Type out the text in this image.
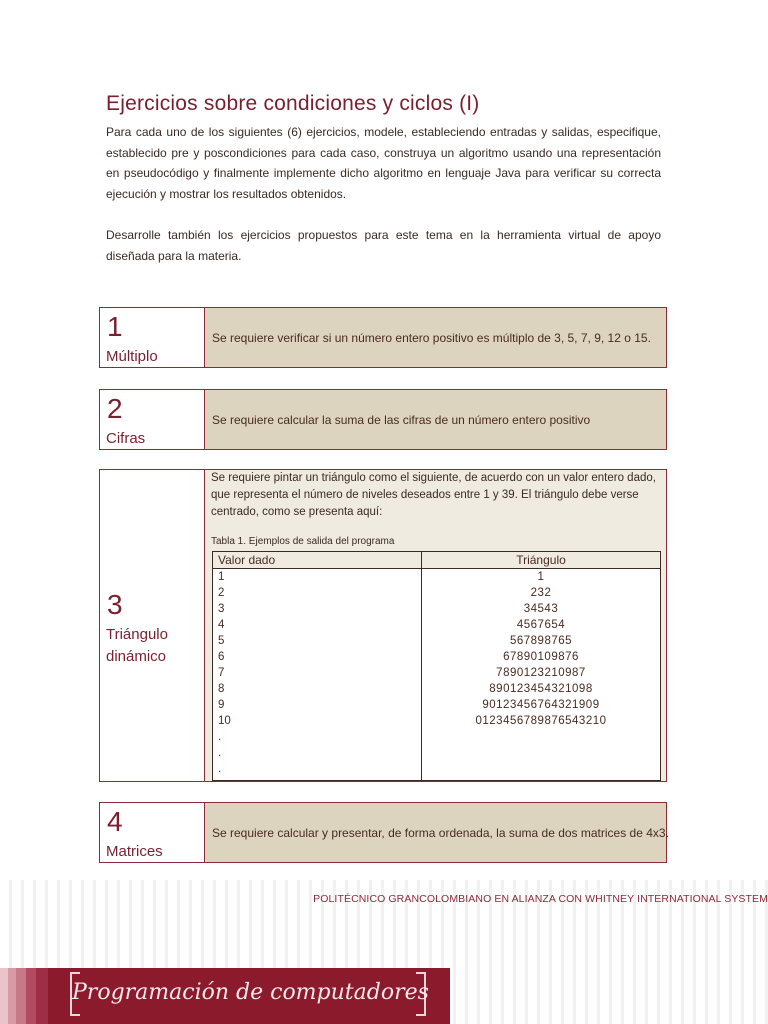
Ejercicios sobre condiciones y ciclos (I)

Para cada uno de los siguientes (6) ejercicios, modele, estableciendo entradas y salidas, especifique, establecido pre y poscondiciones para cada caso, construya un algoritmo usando una representación en pseudocódigo y finalmente implemente dicho algoritmo en lenguaje Java para verificar su correcta ejecución y mostrar los resultados obtenidos.

Desarrolle también los ejercicios propuestos para este tema en la herramienta virtual de apoyo diseñada para la materia.

1
Múltiplo
Se requiere verificar si un número entero positivo es múltiplo de 3, 5, 7, 9, 12 o 15.
2
Cifras
Se requiere calcular la suma de las cifras de un número entero positivo
3
Triángulo
dinámico

Se requiere pintar un triángulo como el siguiente, de acuerdo con un valor entero dado, que representa el número de niveles deseados entre 1 y 39. El triángulo debe verse centrado, como se presenta aquí:

Tabla 1. Ejemplos de salida del programa
Valor dado	Triángulo
1	1
2	232
3	34543
4	4567654
5	567898765
6	67890109876
7	7890123210987
8	890123454321098
9	90123456764321909
10	0123456789876543210
.
.
.
4
Matrices
Se requiere calcular y presentar, de forma ordenada, la suma de dos matrices de 4x3.
POLITÉCNICO GRANCOLOMBIANO EN ALIANZA CON WHITNEY INTERNATIONAL SYSTEM
Programación de computadores
